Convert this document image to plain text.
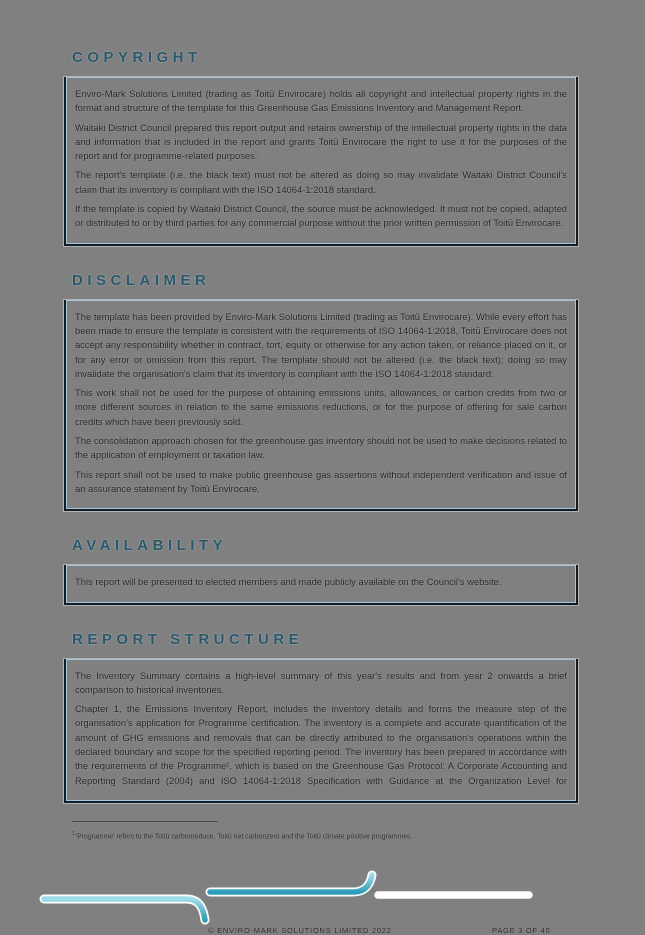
COPYRIGHT

Enviro-Mark Solutions Limited (trading as Toitū Envirocare) holds all copyright and intellectual property rights in the format and structure of the template for this Greenhouse Gas Emissions Inventory and Management Report.

Waitaki District Council prepared this report output and retains ownership of the intellectual property rights in the data and information that is included in the report and grants Toitū Envirocare the right to use it for the purposes of the report and for programme-related purposes.

The report's template (i.e. the black text) must not be altered as doing so may invalidate Waitaki District Council's claim that its inventory is compliant with the ISO 14064-1:2018 standard.

If the template is copied by Waitaki District Council, the source must be acknowledged. It must not be copied, adapted or distributed to or by third parties for any commercial purpose without the prior written permission of Toitū Envirocare.

DISCLAIMER

The template has been provided by Enviro-Mark Solutions Limited (trading as Toitū Envirocare). While every effort has been made to ensure the template is consistent with the requirements of ISO 14064-1:2018, Toitū Envirocare does not accept any responsibility whether in contract, tort, equity or otherwise for any action taken, or reliance placed on it, or for any error or omission from this report. The template should not be altered (i.e. the black text); doing so may invalidate the organisation's claim that its inventory is compliant with the ISO 14064-1:2018 standard.

This work shall not be used for the purpose of obtaining emissions units, allowances, or carbon credits from two or more different sources in relation to the same emissions reductions, or for the purpose of offering for sale carbon credits which have been previously sold.

The consolidation approach chosen for the greenhouse gas inventory should not be used to make decisions related to the application of employment or taxation law.

This report shall not be used to make public greenhouse gas assertions without independent verification and issue of an assurance statement by Toitū Envirocare.

AVAILABILITY

This report will be presented to elected members and made publicly available on the Council's website.

REPORT STRUCTURE

The Inventory Summary contains a high-level summary of this year's results and from year 2 onwards a brief comparison to historical inventories.

Chapter 1, the Emissions Inventory Report, includes the inventory details and forms the measure step of the organisation's application for Programme certification. The inventory is a complete and accurate quantification of the amount of GHG emissions and removals that can be directly attributed to the organisation's operations within the declared boundary and scope for the specified reporting period. The inventory has been prepared in accordance with the requirements of the Programme¹, which is based on the Greenhouse Gas Protocol: A Corporate Accounting and Reporting Standard (2004) and ISO 14064-1:2018 Specification with Guidance at the Organization Level for

$^1$'Programme' refers to the Toitū carbonreduce, Toitū net carbonzero and the Toitū climate positive programmes.
© ENVIRO-MARK SOLUTIONS LIMITED 2022	PAGE 3 OF 40
